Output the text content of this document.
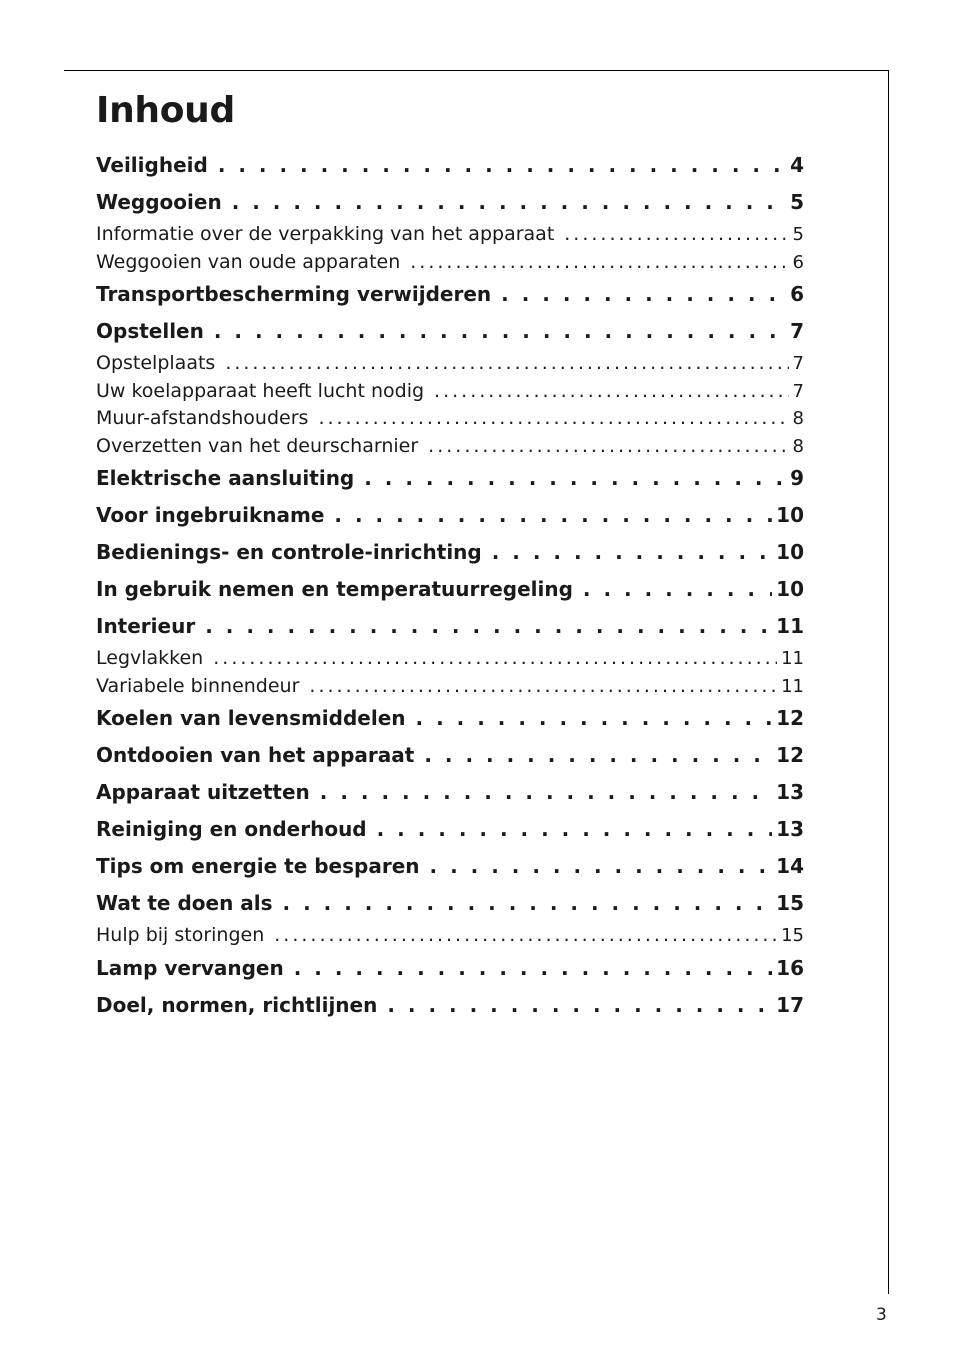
Inhoud
Veiligheid . . .	4
Weggooien . . .	5
Informatie over de verpakking van het apparaat .....	5
Weggooien van oude apparaten .....	6
Transportbescherming verwijderen . . .	6
Opstellen . . .	7
Opstelplaats .....	7
Uw koelapparaat heeft lucht nodig .....	7
Muur-afstandshouders .....	8
Overzetten van het deurscharnier .....	8
Elektrische aansluiting . . .	9
Voor ingebruikname . . .	10
Bedienings- en controle-inrichting . . .	10
In gebruik nemen en temperatuurregeling . . .	10
Interieur . . .	11
Legvlakken .....	11
Variabele binnendeur .....	11
Koelen van levensmiddelen . . .	12
Ontdooien van het apparaat . . .	12
Apparaat uitzetten . . .	13
Reiniging en onderhoud . . .	13
Tips om energie te besparen . . .	14
Wat te doen als . . .	15
Hulp bij storingen .....	15
Lamp vervangen . . .	16
Doel, normen, richtlijnen . . .	17
3
